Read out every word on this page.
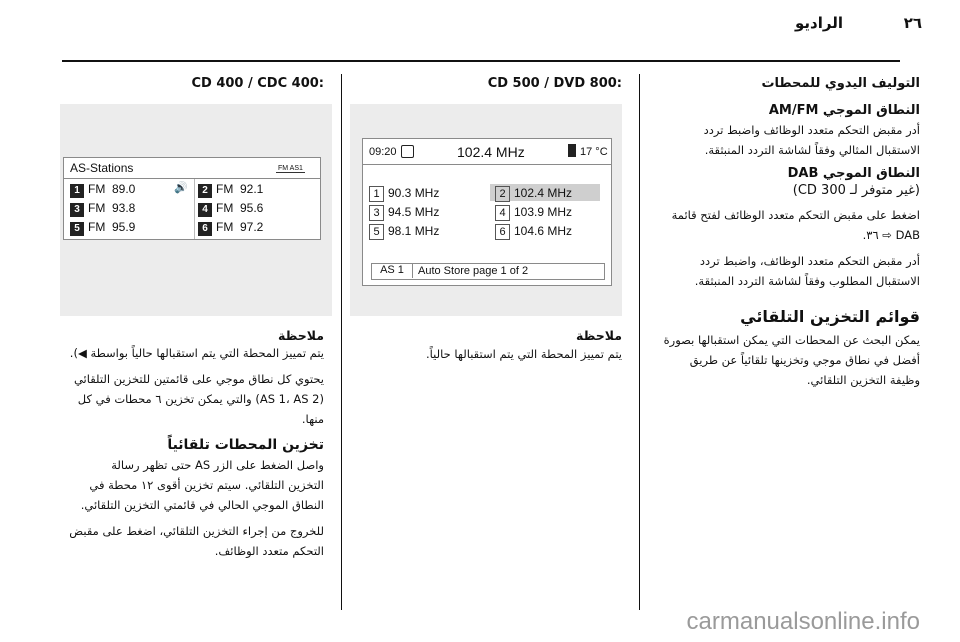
الراديو	٢٦
التوليف اليدوي للمحطات
النطاق الموجي AM/FM
أدر مقبض التحكم متعدد الوظائف واضبط تردد
الاستقبال المثالي وفقاً لشاشة التردد المنبثقة.
النطاق الموجي DAB
(غير متوفر لـ CD 300)
اضغط على مقبض التحكم متعدد الوظائف لفتح قائمة
DAB ⇨ ٣٦.
أدر مقبض التحكم متعدد الوظائف، واضبط تردد
الاستقبال المطلوب وفقاً لشاشة التردد المنبثقة.
قوائم التخزين التلقائي
يمكن البحث عن المحطات التي يمكن استقبالها بصورة
أفضل في نطاق موجي وتخزينها تلقائياً عن طريق
وظيفة التخزين التلقائي.
CD 500 / DVD 800:
09:20	102.4 MHz	17 °C
1 90.3 MHz	2 102.4 MHz
3 94.5 MHz	4 103.9 MHz
5 98.1 MHz	6 104.6 MHz
AS 1	Auto Store page 1 of 2
ملاحظة
يتم تمييز المحطة التي يتم استقبالها حالياً.
CD 400 / CDC 400:
AS-Stations	FM AS1
1 FM 89.0	🔊	2 FM 92.1
3 FM 93.8	4 FM 95.6
5 FM 95.9	6 FM 97.2
ملاحظة
يتم تمييز المحطة التي يتم استقبالها حالياً بواسطة ◀).
يحتوي كل نطاق موجي على قائمتين للتخزين التلقائي
(AS 1، AS 2) والتي يمكن تخزين ٦ محطات في كل
منها.
تخزين المحطات تلقائياً
واصل الضغط على الزر AS حتى تظهر رسالة
التخزين التلقائي. سيتم تخزين أقوى ١٢ محطة في
النطاق الموجي الحالي في قائمتي التخزين التلقائي.
للخروج من إجراء التخزين التلقائي، اضغط على مقبض
التحكم متعدد الوظائف.
carmanualsonline.info
